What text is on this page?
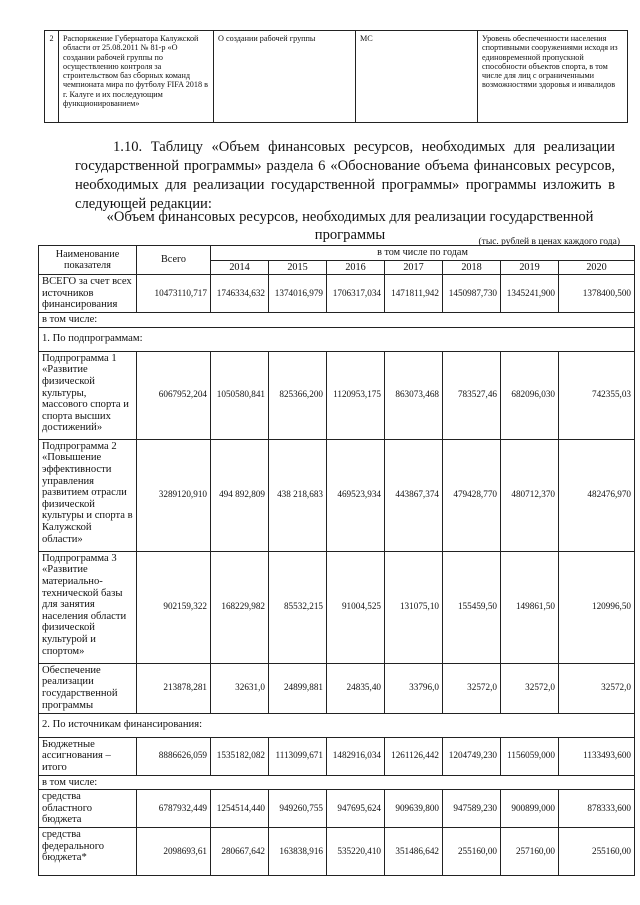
2	Распоряжение Губернатора Калужской области от 25.08.2011 № 81-р «О создании рабочей группы по осуществлению контроля за строительством баз сборных команд чемпионата мира по футболу FIFA 2018 в г. Калуге и их последующим функционированием»	О создании рабочей группы	МС	Уровень обеспеченности населения спортивными сооружениями исходя из единовременной пропускной способности объектов спорта, в том числе для лиц с ограниченными возможностями здоровья и инвалидов
1.10. Таблицу «Объем финансовых ресурсов, необходимых для реализации
государственной программы» раздела 6 «Обоснование объема финансовых ресурсов,
необходимых для реализации государственной программы» программы изложить в
следующей редакции:
«Объем финансовых ресурсов, необходимых для реализации государственной
программы	(тыс. рублей в ценах каждого года)
Наименование показателя	Всего	в том числе по годам						
		2014	2015	2016	2017	2018	2019	2020
ВСЕГО за счет всех источников финансирования	10473110,717	1746334,632	1374016,979	1706317,034	1471811,942	1450987,730	1345241,900	1378400,500
в том числе:								
1. По подпрограммам:								
Подпрограмма 1 «Развитие физической культуры, массового спорта и спорта высших достижений»	6067952,204	1050580,841	825366,200	1120953,175	863073,468	783527,46	682096,030	742355,03
Подпрограмма 2 «Повышение эффективности управления развитием отрасли физической культуры и спорта в Калужской области»	3289120,910	494 892,809	438 218,683	469523,934	443867,374	479428,770	480712,370	482476,970
Подпрограмма 3 «Развитие материально-технической базы для занятия населения области физической культурой и спортом»	902159,322	168229,982	85532,215	91004,525	131075,10	155459,50	149861,50	120996,50
Обеспечение реализации государственной программы	213878,281	32631,0	24899,881	24835,40	33796,0	32572,0	32572,0	32572,0
2. По источникам финансирования:								
Бюджетные ассигнования – итого	8886626,059	1535182,082	1113099,671	1482916,034	1261126,442	1204749,230	1156059,000	1133493,600
в том числе:								
средства областного бюджета	6787932,449	1254514,440	949260,755	947695,624	909639,800	947589,230	900899,000	878333,600
средства федерального бюджета*	2098693,61	280667,642	163838,916	535220,410	351486,642	255160,00	257160,00	255160,00
